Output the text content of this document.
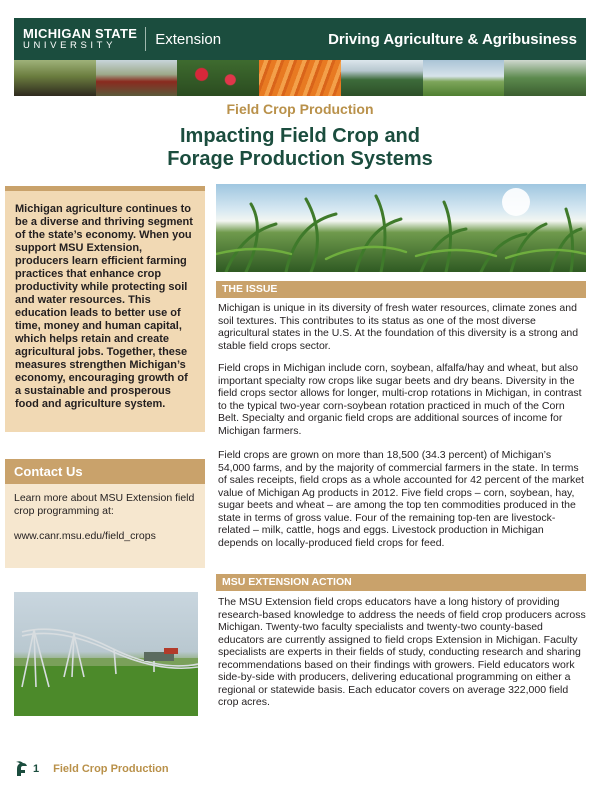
MICHIGAN STATE
UNIVERSITY	Extension	Driving Agriculture & Agribusiness
Field Crop Production
Impacting Field Crop and
Forage Production Systems

Michigan agriculture continues to be a diverse and thriving segment of the state’s economy. When you support MSU Extension, producers learn efficient farming practices that enhance crop productivity while protecting soil and water resources. This education leads to better use of time, money and human capital, which helps retain and create agricultural jobs. Together, these measures strengthen Michigan’s economy, encouraging growth of a sustainable and prosperous food and agriculture system.

Contact Us
Learn more about MSU Extension field crop programming at:
www.canr.msu.edu/field_crops
THE ISSUE

Michigan is unique in its diversity of fresh water resources, climate zones and soil textures. This contributes to its status as one of the most diverse agricultural states in the U.S. At the foundation of this diversity is a strong and stable field crops sector.

Field crops in Michigan include corn, soybean, alfalfa/hay and wheat, but also important specialty row crops like sugar beets and dry beans. Diversity in the field crops sector allows for longer, multi-crop rotations in Michigan, in contrast to the typical two-year corn-soybean rotation practiced in much of the Corn Belt. Specialty and organic field crops are additional sources of income for Michigan farmers.

Field crops are grown on more than 18,500 (34.3 percent) of Michigan’s 54,000 farms, and by the majority of commercial farmers in the state. In terms of sales receipts, field crops as a whole accounted for 42 percent of the market value of Michigan Ag products in 2012. Five field crops – corn, soybean, hay, sugar beets and wheat – are among the top ten commodities produced in the state in terms of gross value. Four of the remaining top-ten are livestock-related – milk, cattle, hogs and eggs. Livestock production in Michigan depends on locally-produced field crops for feed.

MSU EXTENSION ACTION

The MSU Extension field crops educators have a long history of providing research-based knowledge to address the needs of field crop producers across Michigan. Twenty-two faculty specialists and twenty-two county-based educators are currently assigned to field crops Extension in Michigan. Faculty specialists are experts in their fields of study, conducting research and sharing recommendations based on their findings with growers. Field educators work side-by-side with producers, delivering educational programming on either a regional or statewide basis. Each educator covers on average 322,000 field crop acres.

1 Field Crop Production
